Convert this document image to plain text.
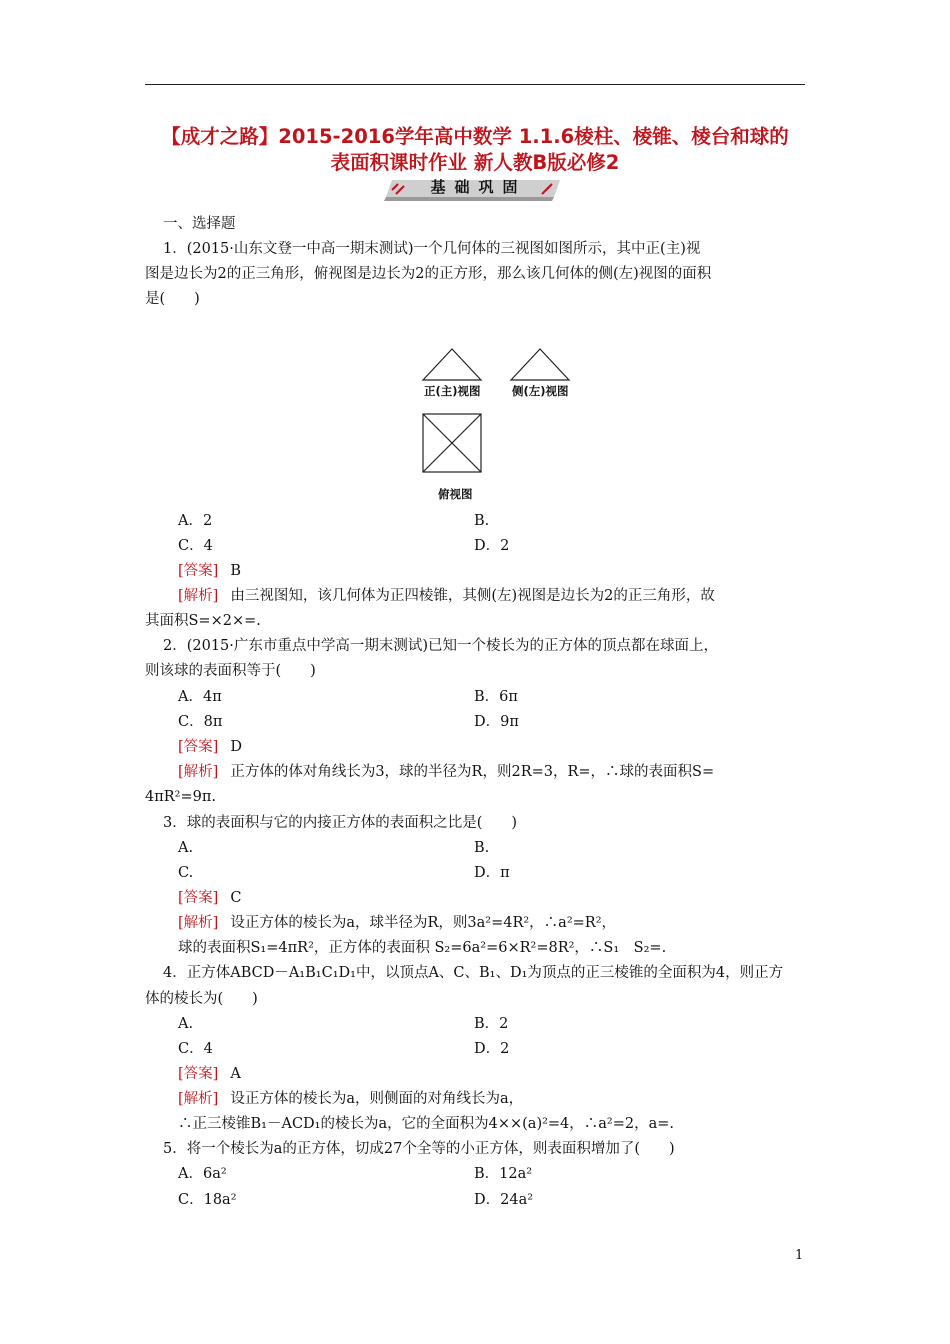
【成才之路】2015-2016学年高中数学 1.1.6棱柱、棱锥、棱台和球的
表面积课时作业 新人教B版必修2
基础巩固
一、选择题
1．(2015·山东文登一中高一期末测试)一个几何体的三视图如图所示，其中正(主)视
图是边长为2的正三角形，俯视图是边长为2的正方形，那么该几何体的侧(左)视图的面积
是(　　)
正(主)视图	侧(左)视图
俯视图
A．2	B.
C．4	D．2
[答案] B
[解析] 由三视图知，该几何体为正四棱锥，其侧(左)视图是边长为2的正三角形，故
其面积S=×2×=.
2．(2015·广东市重点中学高一期末测试)已知一个棱长为的正方体的顶点都在球面上，
则该球的表面积等于(　　)
A．4π	B．6π
C．8π	D．9π
[答案] D
[解析] 正方体的体对角线长为3，球的半径为R，则2R=3，R=，∴球的表面积S=
4πR²=9π.
3．球的表面积与它的内接正方体的表面积之比是(　　)
A.	B.
C.	D．π
[答案] C
[解析] 设正方体的棱长为a，球半径为R，则3a²=4R²，∴a²=R²，
球的表面积S₁=4πR²，正方体的表面积 S₂=6a²=6×R²=8R²，∴S₁　S₂=.
4．正方体ABCD－A₁B₁C₁D₁中，以顶点A、C、B₁、D₁为顶点的正三棱锥的全面积为4，则正方
体的棱长为(　　)
A.	B．2
C．4	D．2
[答案] A
[解析] 设正方体的棱长为a，则侧面的对角线长为a，
∴正三棱锥B₁－ACD₁的棱长为a，它的全面积为4××(a)²=4，∴a²=2，a=.
5．将一个棱长为a的正方体，切成27个全等的小正方体，则表面积增加了(　　)
A．6a²	B．12a²
C．18a²	D．24a²
1
